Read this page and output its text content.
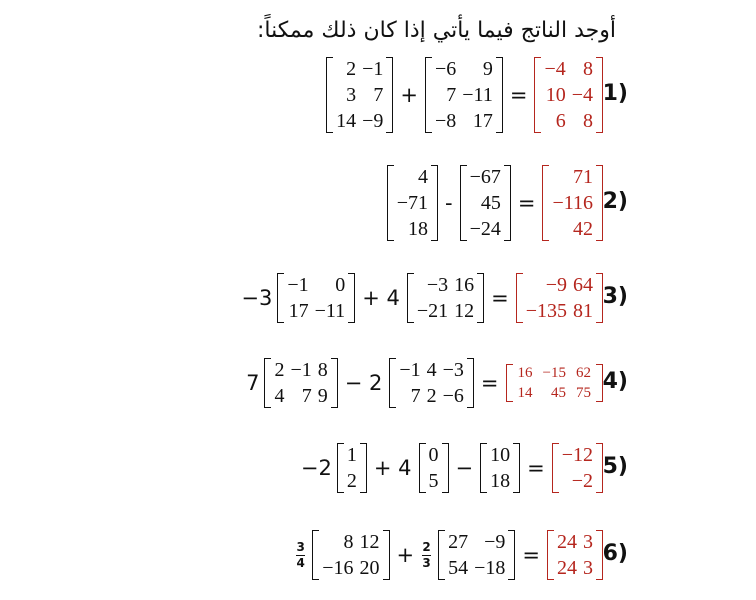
أوجد الناتج فيما يأتي إذا كان ذلك ممكناً:
2	−1
3	7
14	−9
+
−6	9
7	−11
−8	17
=
−4	8
10	−4
6	8
4
−71
18
-
−67
45
−24
=
71
−116
42
−3
−1	0
17	−11
+ 4
−3	16
−21	12
=
−9	64
−135	81
7
2	−1	8
4	7	9
− 2
−1	4	−3
7	2	−6
= 16	−15	62
14	45	75
−2
1
2
+ 4
0
5
−
10
18
=
−12
−2
$\frac{3}{4} 8$	12
−16	20
+ $\frac{2}{3} 27$	−9
54	−18
=
24	3
24	3
1)
2)
3)
4)
5)
6)
